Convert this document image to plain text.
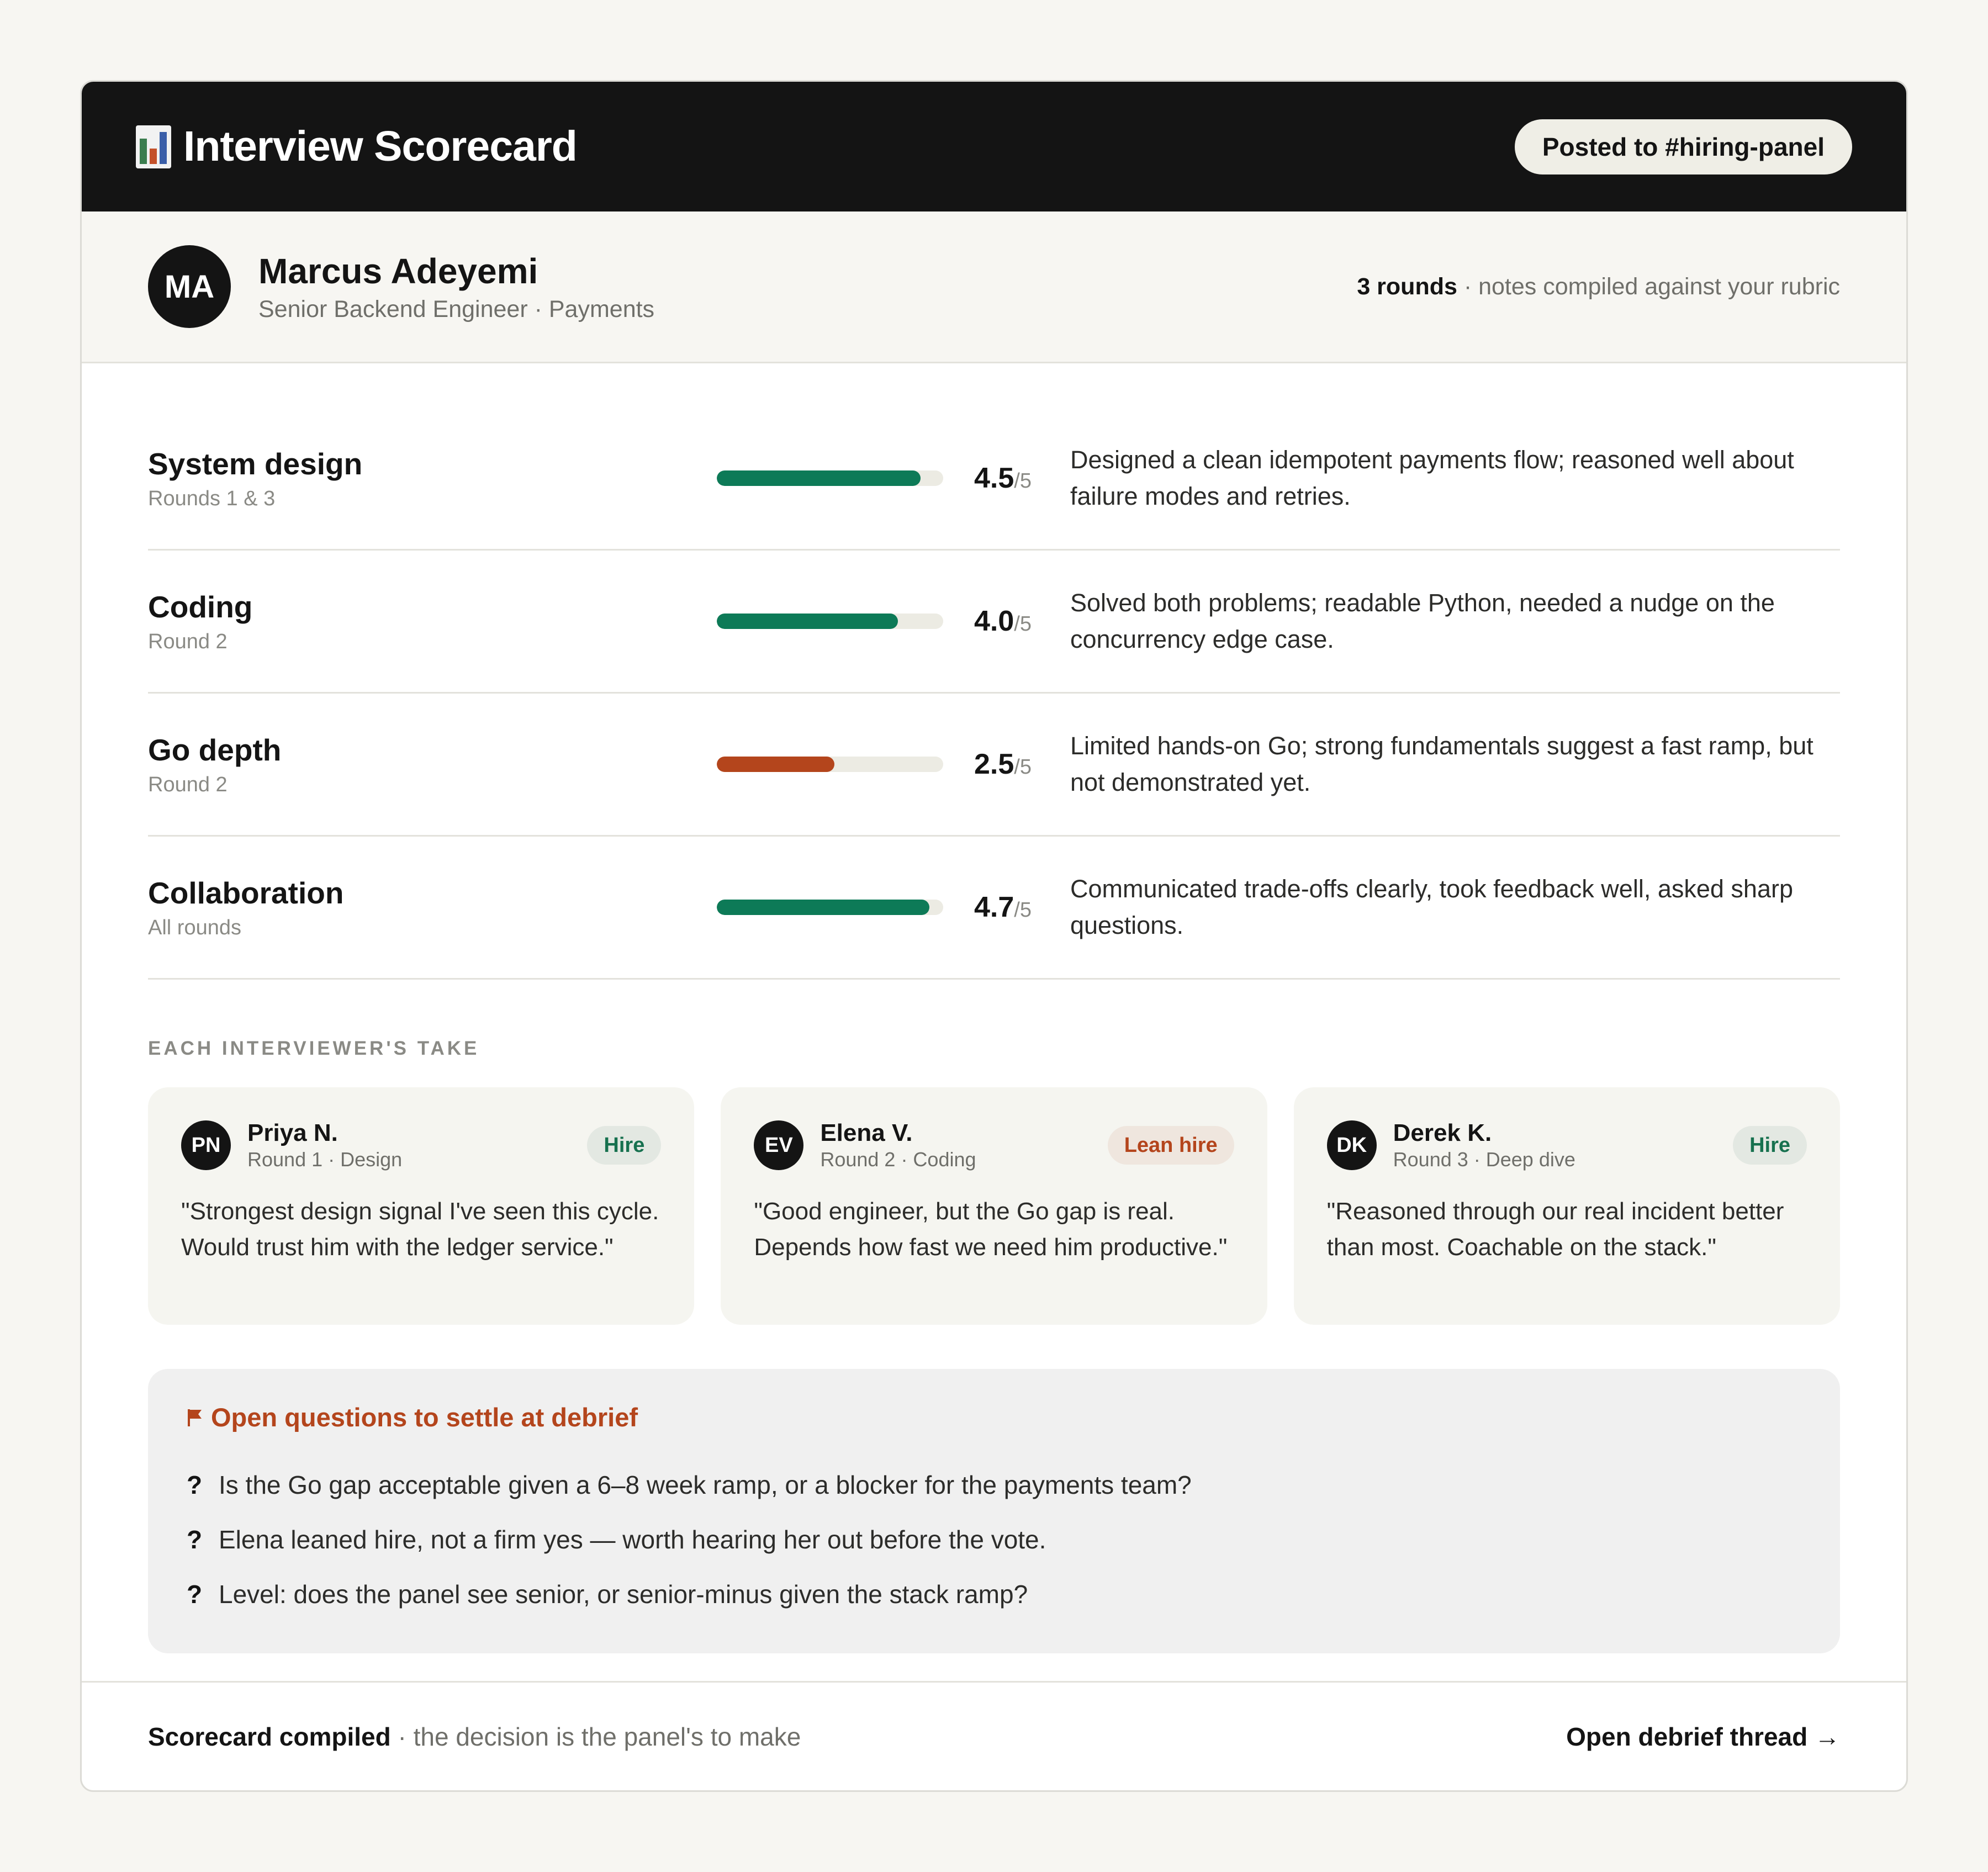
Interview Scorecard	Posted to #hiring-panel
MA	Marcus Adeyemi
Senior Backend Engineer · Payments
3 rounds · notes compiled against your rubric
System design
Rounds 1 & 3
4.5/5
Designed a clean idempotent payments flow; reasoned well about failure modes and retries.
Coding
Round 2
4.0/5
Solved both problems; readable Python, needed a nudge on the concurrency edge case.
Go depth
Round 2
2.5/5
Limited hands-on Go; strong fundamentals suggest a fast ramp, but not demonstrated yet.
Collaboration
All rounds
4.7/5
Communicated trade-offs clearly, took feedback well, asked sharp questions.
EACH INTERVIEWER'S TAKE
PN	Priya N.
Round 1 · Design
Hire
"Strongest design signal I've seen this cycle. Would trust him with the ledger service."
EV	Elena V.
Round 2 · Coding
Lean hire
"Good engineer, but the Go gap is real. Depends how fast we need him productive."
DK	Derek K.
Round 3 · Deep dive
Hire
"Reasoned through our real incident better than most. Coachable on the stack."
Open questions to settle at debrief
? Is the Go gap acceptable given a 6–8 week ramp, or a blocker for the payments team?
? Elena leaned hire, not a firm yes — worth hearing her out before the vote.
? Level: does the panel see senior, or senior-minus given the stack ramp?
Scorecard compiled · the decision is the panel's to make	Open debrief thread →
